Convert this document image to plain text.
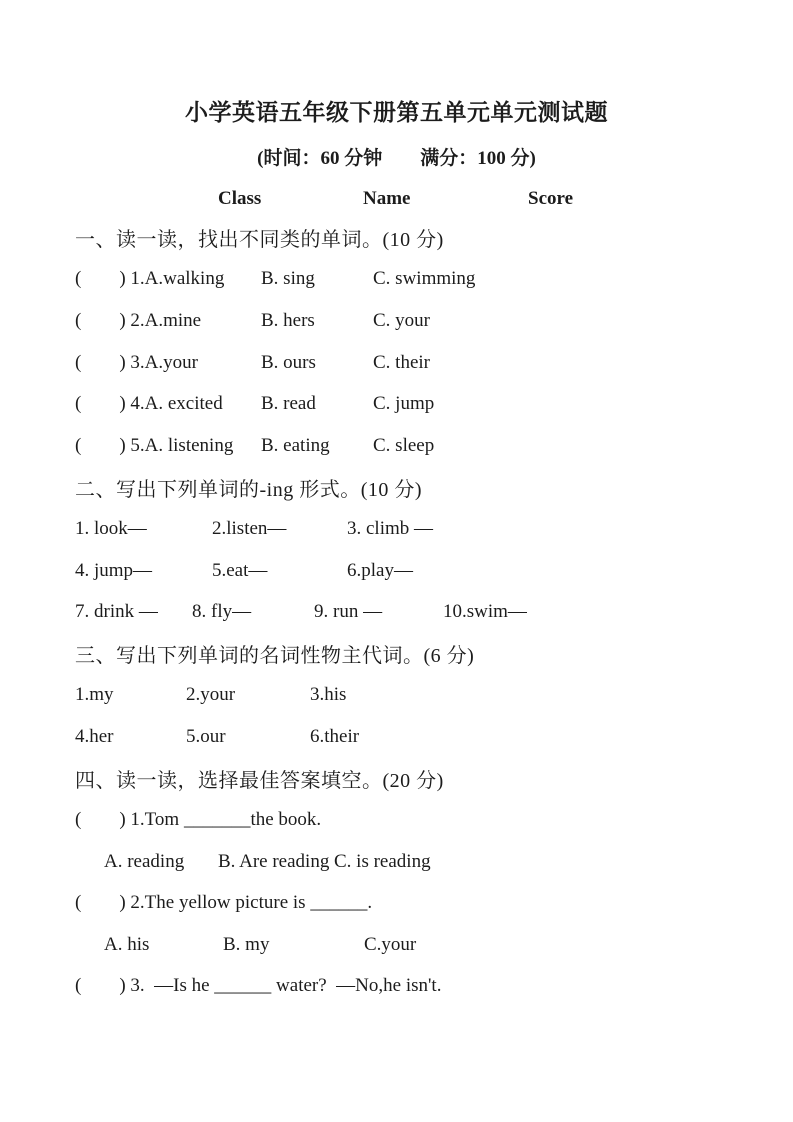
小学英语五年级下册第五单元单元测试题
(时间：60 分钟　　满分：100 分)
Class	Name	Score
一、读一读，找出不同类的单词。(10 分)
(        ) 1.A.walking	B. sing	C. swimming
(        ) 2.A.mine	B. hers	C. your
(        ) 3.A.your	B. ours	C. their
(        ) 4.A. excited	B. read	C. jump
(        ) 5.A. listening	B. eating	C. sleep
二、写出下列单词的-ing 形式。(10 分)
1. look—	2.listen—	3. climb —
4. jump—	5.eat—	6.play—
7. drink —	8. fly—	9. run —	10.swim—
三、写出下列单词的名词性物主代词。(6 分)
1.my	2.your	3.his
4.her	5.our	6.their
四、读一读，选择最佳答案填空。(20 分)
(        ) 1.Tom _______the book.
A. reading	B. Are reading C. is reading
(        ) 2.The yellow picture is ______.
A. his	B. my	C.your
(        ) 3.  —Is he ______ water?  —No,he isn't.
